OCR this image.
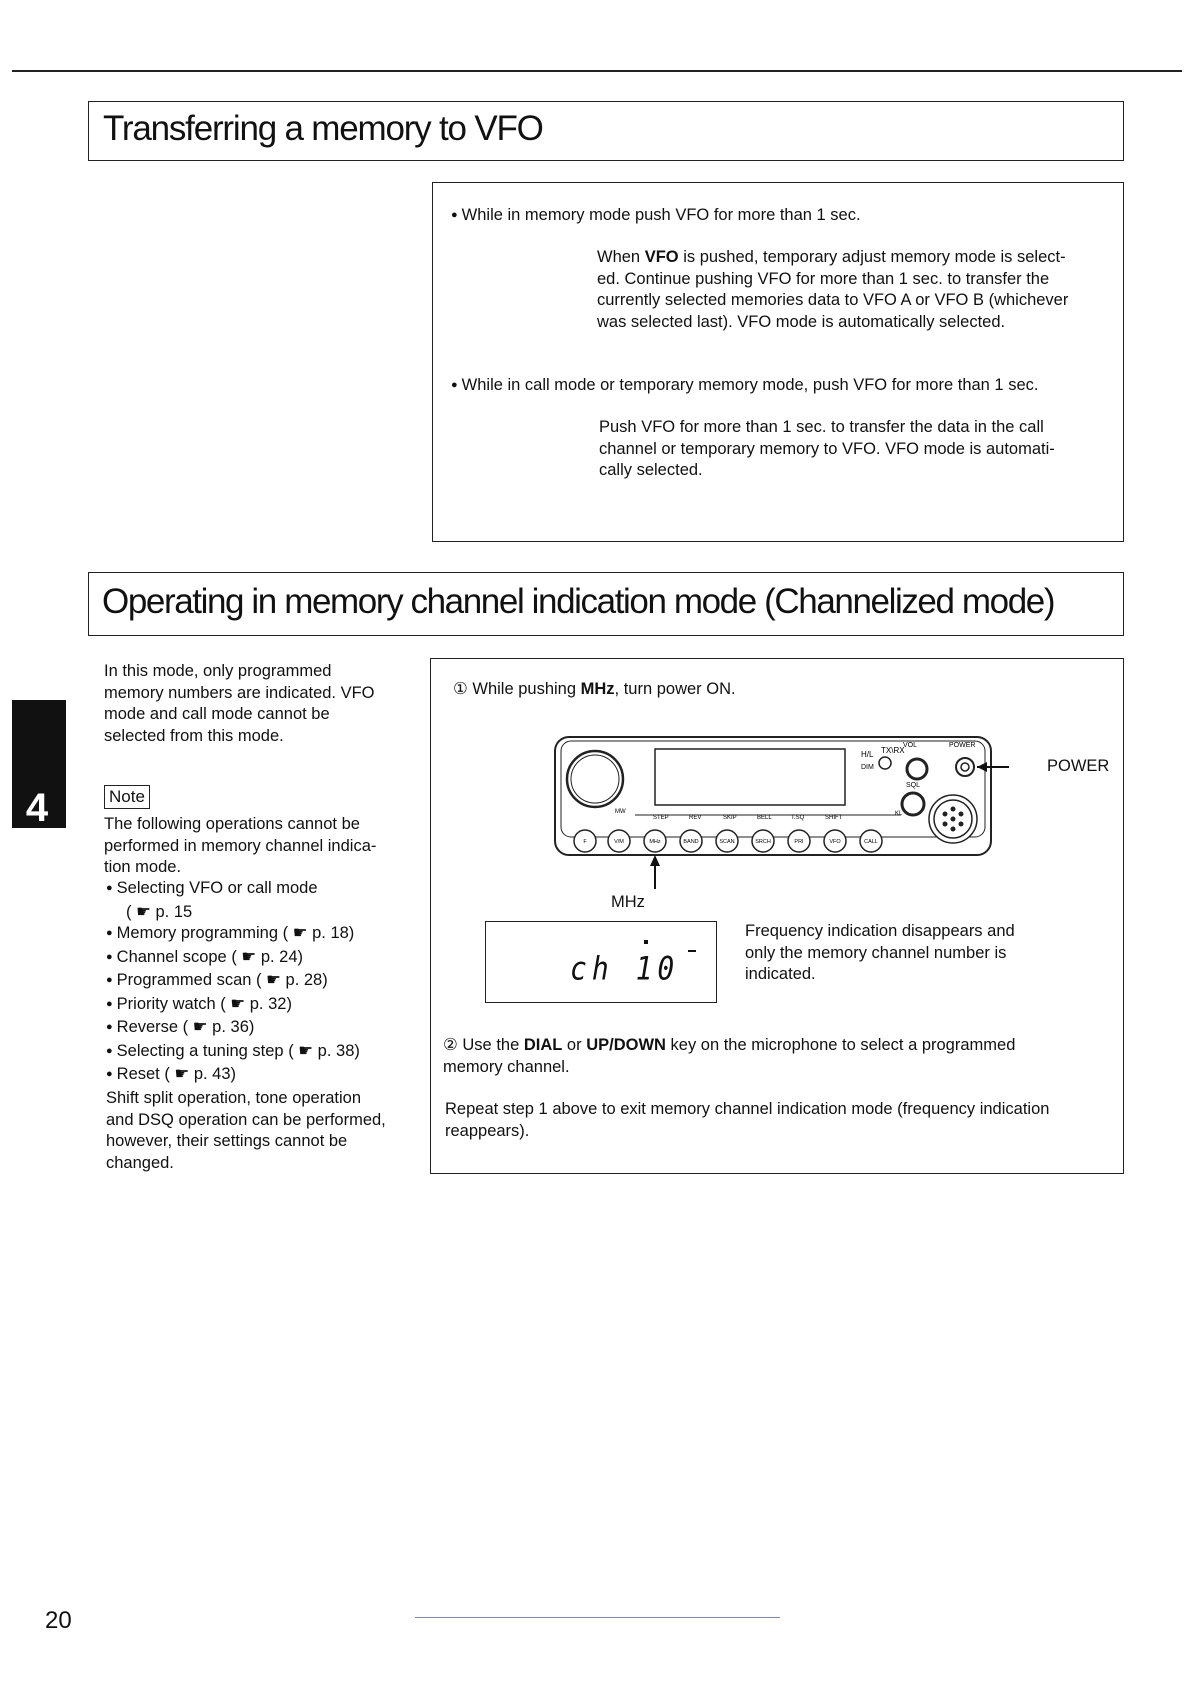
Transferring a memory to VFO
● While in memory mode push VFO for more than 1 sec.
When VFO is pushed, temporary adjust memory mode is select-
ed. Continue pushing VFO for more than 1 sec. to transfer the
currently selected memories data to VFO A or VFO B (whichever
was selected last). VFO mode is automatically selected.
● While in call mode or temporary memory mode, push VFO for more than 1 sec.
Push VFO for more than 1 sec. to transfer the data in the call
channel or temporary memory to VFO. VFO mode is automati-
cally selected.
Operating in memory channel indication mode (Channelized mode)
4
In this mode, only programmed
memory numbers are indicated. VFO
mode and call mode cannot be
selected from this mode.
Note
The following operations cannot be
performed in memory channel indica-
tion mode.
● Selecting VFO or call mode
( ☛ p. 15
● Memory programming ( ☛ p. 18)
● Channel scope ( ☛ p. 24)
● Programmed scan ( ☛ p. 28)
● Priority watch ( ☛ p. 32)
● Reverse ( ☛ p. 36)
● Selecting a tuning step ( ☛ p. 38)
● Reset ( ☛ p. 43)
Shift split operation, tone operation
and DSQ operation can be performed,
however, their settings cannot be
changed.
① While pushing MHz, turn power ON.
H/L TX\RX
VOL	POWER
DIM
SQL
MW
STEP	REV	SKIP	BELL	T.SQ	SHIFT
KL
F	V/M	MHz	BAND	SCAN	SRCH	PRI	VFO	CALL
POWER
MHz
ch 10
Frequency indication disappears and
only the memory channel number is
indicated.
② Use the DIAL or UP/DOWN key on the microphone to select a programmed
memory channel.
Repeat step 1 above to exit memory channel indication mode (frequency indication
reappears).
20
